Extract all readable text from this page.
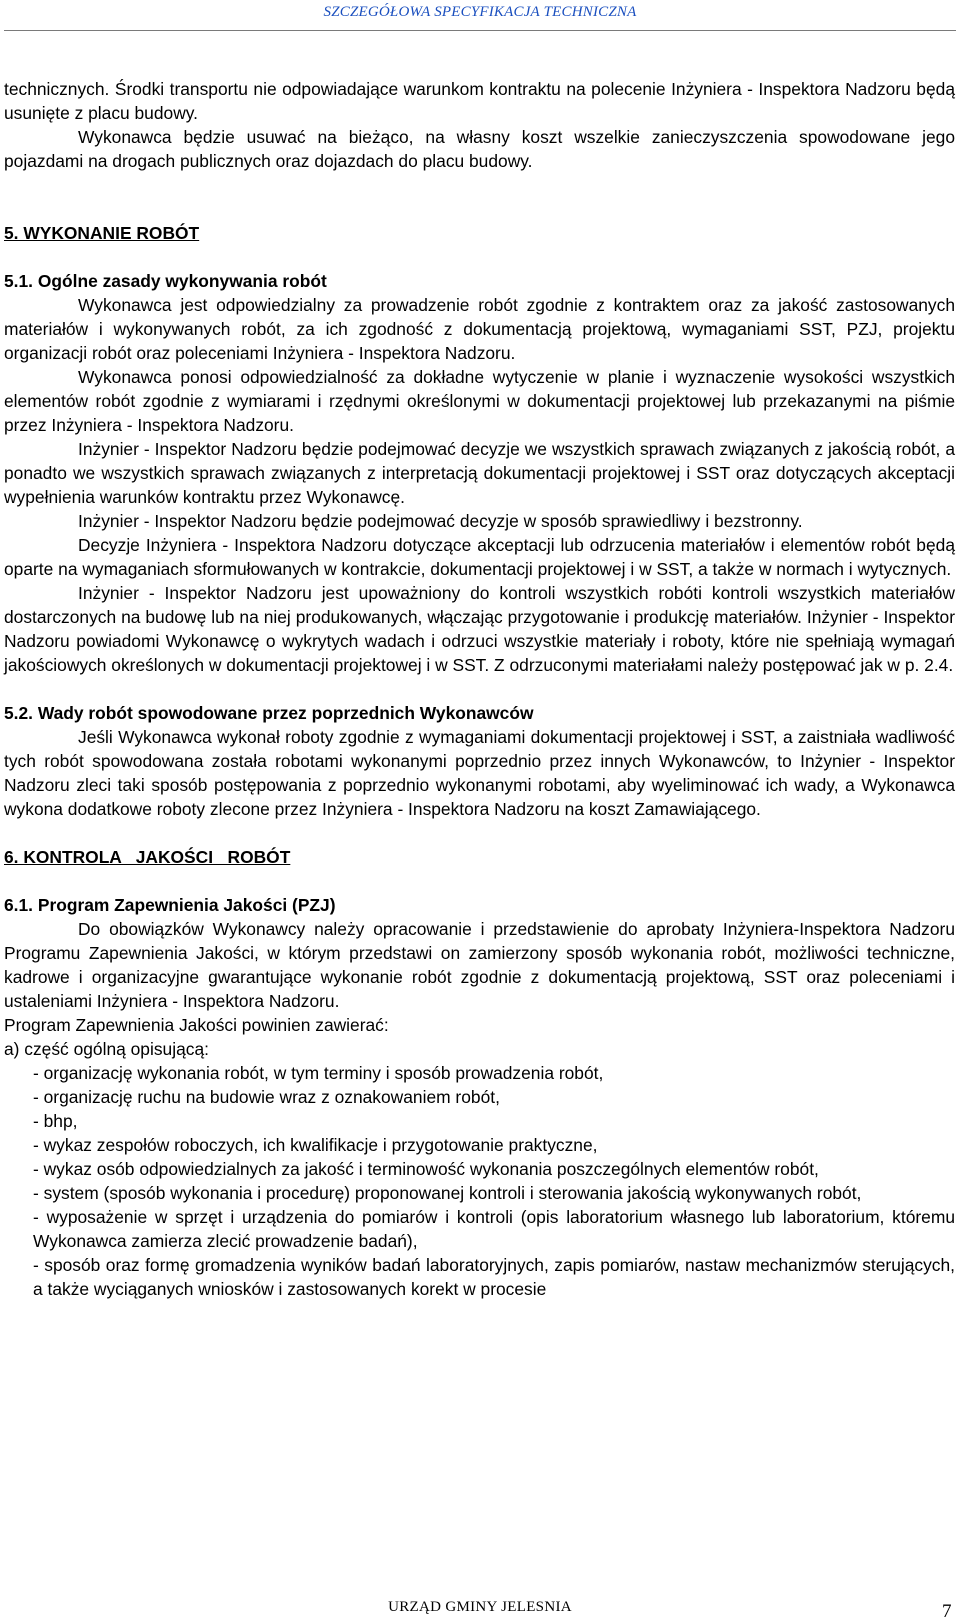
SZCZEGÓŁOWA SPECYFIKACJA TECHNICZNA

technicznych. Środki transportu nie odpowiadające warunkom kontraktu na polecenie Inżyniera - Inspektora Nadzoru będą usunięte z placu budowy.

Wykonawca będzie usuwać na bieżąco, na własny koszt wszelkie zanieczyszczenia spowodowane jego pojazdami na drogach publicznych oraz dojazdach do placu budowy.

5. WYKONANIE ROBÓT

5.1. Ogólne zasady wykonywania robót

Wykonawca jest odpowiedzialny za prowadzenie robót zgodnie z kontraktem oraz za jakość zastosowanych materiałów i wykonywanych robót, za ich zgodność z dokumentacją projektową, wymaganiami SST, PZJ, projektu organizacji robót oraz poleceniami Inżyniera - Inspektora Nadzoru.

Wykonawca ponosi odpowiedzialność za dokładne wytyczenie w planie i wyznaczenie wysokości wszystkich elementów robót zgodnie z wymiarami i rzędnymi określonymi w dokumentacji projektowej lub przekazanymi na piśmie przez Inżyniera - Inspektora Nadzoru.

Inżynier - Inspektor Nadzoru będzie podejmować decyzje we wszystkich sprawach związanych z jakością robót, a ponadto we wszystkich sprawach związanych z interpretacją dokumentacji projektowej i SST oraz dotyczących akceptacji wypełnienia warunków kontraktu przez Wykonawcę.

Inżynier - Inspektor Nadzoru będzie podejmować decyzje w sposób sprawiedliwy i bezstronny.

Decyzje Inżyniera - Inspektora Nadzoru dotyczące akceptacji lub odrzucenia materiałów i elementów robót będą oparte na wymaganiach sformułowanych w kontrakcie, dokumentacji projektowej i w SST, a także w normach i wytycznych.

Inżynier - Inspektor Nadzoru jest upoważniony do kontroli wszystkich robóti kontroli wszystkich materiałów dostarczonych na budowę lub na niej produkowanych, włączając przygotowanie i produkcję materiałów. Inżynier - Inspektor Nadzoru powiadomi Wykonawcę o wykrytych wadach i odrzuci wszystkie materiały i roboty, które nie spełniają wymagań jakościowych określonych w dokumentacji projektowej i w SST. Z odrzuconymi materiałami należy postępować jak w p. 2.4.

5.2. Wady robót spowodowane przez poprzednich Wykonawców

Jeśli Wykonawca wykonał roboty zgodnie z wymaganiami dokumentacji projektowej i SST, a zaistniała wadliwość tych robót spowodowana została robotami wykonanymi poprzednio przez innych Wykonawców, to Inżynier - Inspektor Nadzoru zleci taki sposób postępowania z poprzednio wykonanymi robotami, aby wyeliminować ich wady, a Wykonawca wykona dodatkowe roboty zlecone przez Inżyniera - Inspektora Nadzoru na koszt Zamawiającego.

6. KONTROLA   JAKOŚCI   ROBÓT

6.1. Program Zapewnienia Jakości (PZJ)

Do obowiązków Wykonawcy należy opracowanie i przedstawienie do aprobaty Inżyniera-Inspektora Nadzoru Programu Zapewnienia Jakości, w którym przedstawi on zamierzony sposób wykonania robót, możliwości techniczne, kadrowe i organizacyjne gwarantujące wykonanie robót zgodnie z dokumentacją projektową, SST oraz poleceniami i ustaleniami Inżyniera - Inspektora Nadzoru.

Program Zapewnienia Jakości powinien zawierać:

a) część ogólną opisującą:

- organizację wykonania robót, w tym terminy i sposób prowadzenia robót,

- organizację ruchu na budowie wraz z oznakowaniem robót,

- bhp,

- wykaz zespołów roboczych, ich kwalifikacje i przygotowanie praktyczne,

- wykaz osób odpowiedzialnych za jakość i terminowość wykonania poszczególnych elementów robót,

- system (sposób wykonania i procedurę) proponowanej kontroli i sterowania jakością wykonywanych robót,

- wyposażenie w sprzęt i urządzenia do pomiarów i kontroli (opis laboratorium własnego lub laboratorium, któremu Wykonawca zamierza zlecić prowadzenie badań),

- sposób oraz formę gromadzenia wyników badań laboratoryjnych, zapis pomiarów, nastaw mechanizmów sterujących, a także wyciąganych wniosków i zastosowanych korekt w procesie

URZĄD GMINY JELESNIA	7
